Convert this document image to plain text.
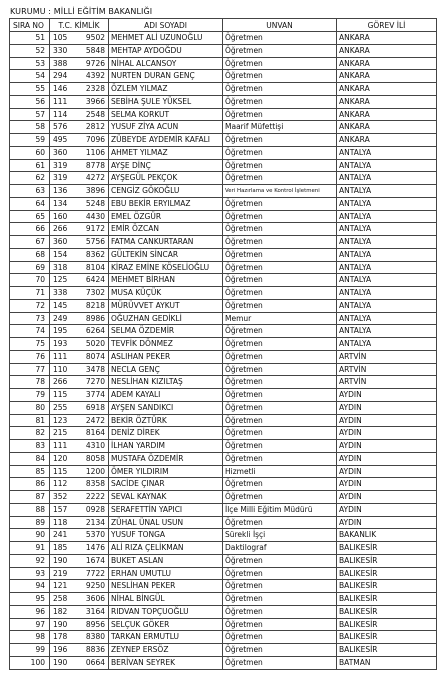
KURUMU : MİLLİ EĞİTİM BAKANLIĞI
SIRA NO	T.C. KİMLİK	ADI SOYADI	UNVAN	GÖREV İLİ
51	105 9502 MEHMET ALİ UZUNOĞLU	Öğretmen	ANKARA
52	330 5848 MEHTAP AYDOĞDU	Öğretmen	ANKARA
53	388 9726 NİHAL ALCANSOY	Öğretmen	ANKARA
54	294 4392 NURTEN DURAN GENÇ	Öğretmen	ANKARA
55	146 2328 ÖZLEM YILMAZ	Öğretmen	ANKARA
56	111 3966 SEBİHA ŞULE YÜKSEL	Öğretmen	ANKARA
57	114 2548 SELMA KORKUT	Öğretmen	ANKARA
58	576 2812 YUSUF ZİYA ACUN	Maarif Müfettişi	ANKARA
59	495 7096 ZÜBEYDE AYDEMİR KAFALI	Öğretmen	ANKARA
60	360 1106 AHMET YILMAZ	Öğretmen	ANTALYA
61	319 8778 AYŞE DİNÇ	Öğretmen	ANTALYA
62	319 4272 AYŞEGÜL PEKÇOK	Öğretmen	ANTALYA
63	136 3896 CENGİZ GÖKOĞLU	Veri Hazırlama ve Kontrol İşletmeni	ANTALYA
64	134 5248 EBU BEKİR ERYILMAZ	Öğretmen	ANTALYA
65	160 4430 EMEL ÖZGÜR	Öğretmen	ANTALYA
66	266 9172 EMİR ÖZCAN	Öğretmen	ANTALYA
67	360 5756 FATMA CANKURTARAN	Öğretmen	ANTALYA
68	154 8362 GÜLTEKİN SİNCAR	Öğretmen	ANTALYA
69	318 8104 KİRAZ EMİNE KÖSELİOĞLU	Öğretmen	ANTALYA
70	125 6424 MEHMET BİRHAN	Öğretmen	ANTALYA
71	338 7302 MUSA KÜÇÜK	Öğretmen	ANTALYA
72	145 8218 MÜRÜVVET AYKUT	Öğretmen	ANTALYA
73	249 8986 OĞUZHAN GEDİKLİ	Memur	ANTALYA
74	195 6264 SELMA ÖZDEMİR	Öğretmen	ANTALYA
75	193 5020 TEVFİK DÖNMEZ	Öğretmen	ANTALYA
76	111 8074 ASLIHAN PEKER	Öğretmen	ARTVİN
77	110 3478 NECLA GENÇ	Öğretmen	ARTVİN
78	266 7270 NESLİHAN KIZILTAŞ	Öğretmen	ARTVİN
79	115 3774 ADEM KAYALI	Öğretmen	AYDIN
80	255 6918 AYŞEN SANDIKCI	Öğretmen	AYDIN
81	123 2472 BEKİR ÖZTÜRK	Öğretmen	AYDIN
82	215 8164 DENİZ DİREK	Öğretmen	AYDIN
83	111 4310 İLHAN YARDIM	Öğretmen	AYDIN
84	120 8058 MUSTAFA ÖZDEMİR	Öğretmen	AYDIN
85	115 1200 ÖMER YILDIRIM	Hizmetli	AYDIN
86	112 8358 SACİDE ÇINAR	Öğretmen	AYDIN
87	352 2222 SEVAL KAYNAK	Öğretmen	AYDIN
88	157 0928 SERAFETTİN YAPICI	İlçe Milli Eğitim Müdürü	AYDIN
89	118 2134 ZÜHAL ÜNAL USUN	Öğretmen	AYDIN
90	241 5370 YUSUF TONGA	Sürekli İşçi	BAKANLIK
91	185 1476 ALİ RIZA ÇELİKMAN	Daktilograf	BALIKESİR
92	190 1674 BUKET ASLAN	Öğretmen	BALIKESİR
93	219 7722 ERHAN UMUTLU	Öğretmen	BALIKESİR
94	121 9250 NESLİHAN PEKER	Öğretmen	BALIKESİR
95	258 3606 NİHAL BİNGÜL	Öğretmen	BALIKESİR
96	182 3164 RIDVAN TOPÇUOĞLU	Öğretmen	BALIKESİR
97	190 8956 SELÇUK GÖKER	Öğretmen	BALIKESİR
98	178 8380 TARKAN ERMUTLU	Öğretmen	BALIKESİR
99	196 8836 ZEYNEP ERSÖZ	Öğretmen	BALIKESİR
100	190 0664 BERİVAN SEYREK	Öğretmen	BATMAN
